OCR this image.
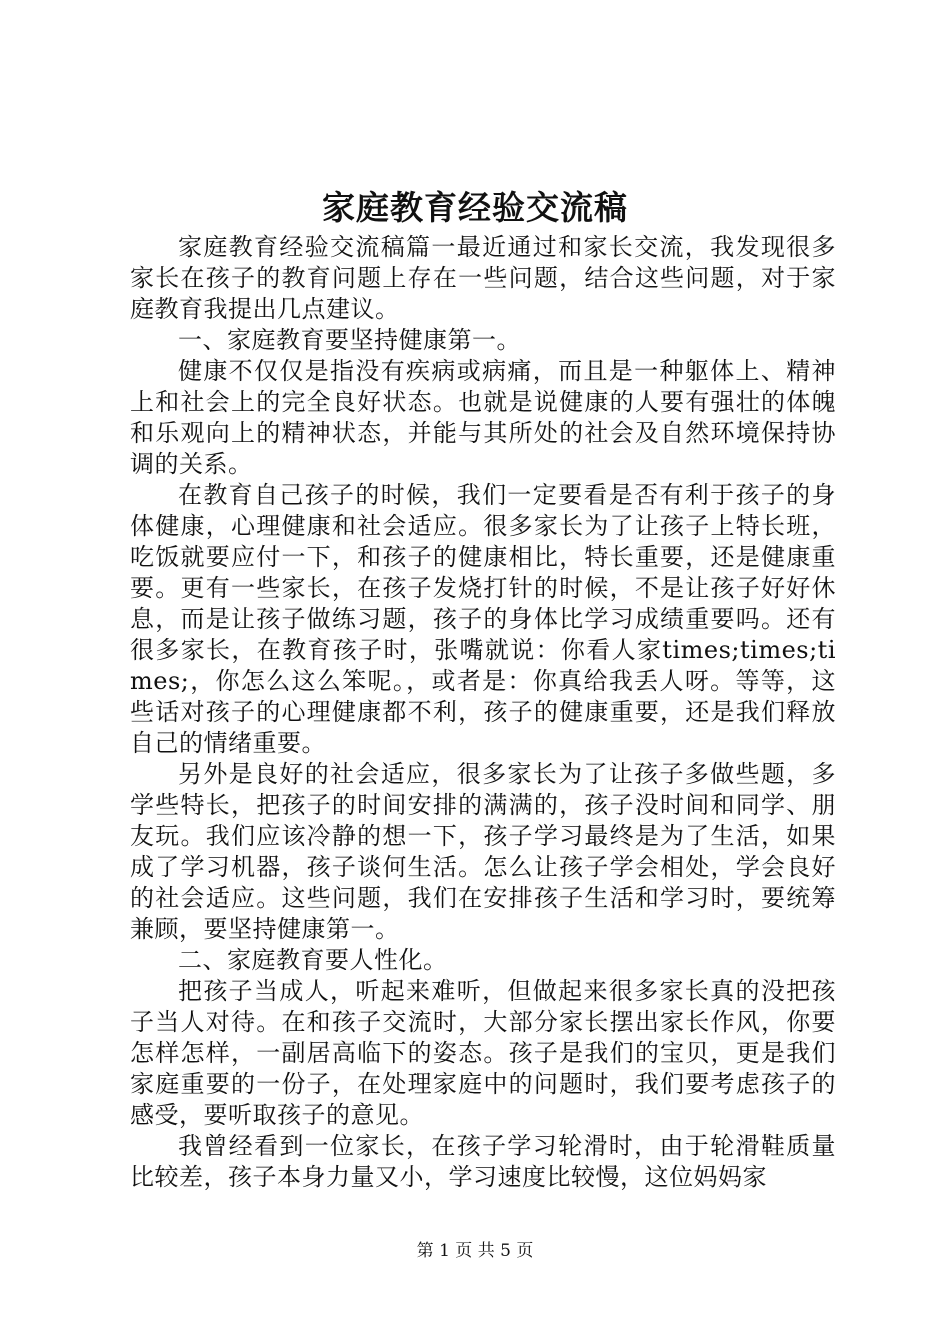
家庭教育经验交流稿

家庭教育经验交流稿篇一最近通过和家长交流，我发现很多家长在孩子的教育问题上存在一些问题，结合这些问题，对于家庭教育我提出几点建议。

一、家庭教育要坚持健康第一。

健康不仅仅是指没有疾病或病痛，而且是一种躯体上、精神上和社会上的完全良好状态。也就是说健康的人要有强壮的体魄和乐观向上的精神状态，并能与其所处的社会及自然环境保持协调的关系。

在教育自己孩子的时候，我们一定要看是否有利于孩子的身体健康，心理健康和社会适应。很多家长为了让孩子上特长班，吃饭就要应付一下，和孩子的健康相比，特长重要，还是健康重要。更有一些家长，在孩子发烧打针的时候，不是让孩子好好休息，而是让孩子做练习题，孩子的身体比学习成绩重要吗。还有很多家长，在教育孩子时，张嘴就说：你看人家times;times;times;，你怎么这么笨呢。，或者是：你真给我丢人呀。等等，这些话对孩子的心理健康都不利，孩子的健康重要，还是我们释放自己的情绪重要。

另外是良好的社会适应，很多家长为了让孩子多做些题，多学些特长，把孩子的时间安排的满满的，孩子没时间和同学、朋友玩。我们应该冷静的想一下，孩子学习最终是为了生活，如果成了学习机器，孩子谈何生活。怎么让孩子学会相处，学会良好的社会适应。这些问题，我们在安排孩子生活和学习时，要统筹兼顾，要坚持健康第一。

二、家庭教育要人性化。

把孩子当成人，听起来难听，但做起来很多家长真的没把孩子当人对待。在和孩子交流时，大部分家长摆出家长作风，你要怎样怎样，一副居高临下的姿态。孩子是我们的宝贝，更是我们家庭重要的一份子，在处理家庭中的问题时，我们要考虑孩子的感受，要听取孩子的意见。

我曾经看到一位家长，在孩子学习轮滑时，由于轮滑鞋质量比较差，孩子本身力量又小，学习速度比较慢，这位妈妈家

第 1 页 共 5 页
